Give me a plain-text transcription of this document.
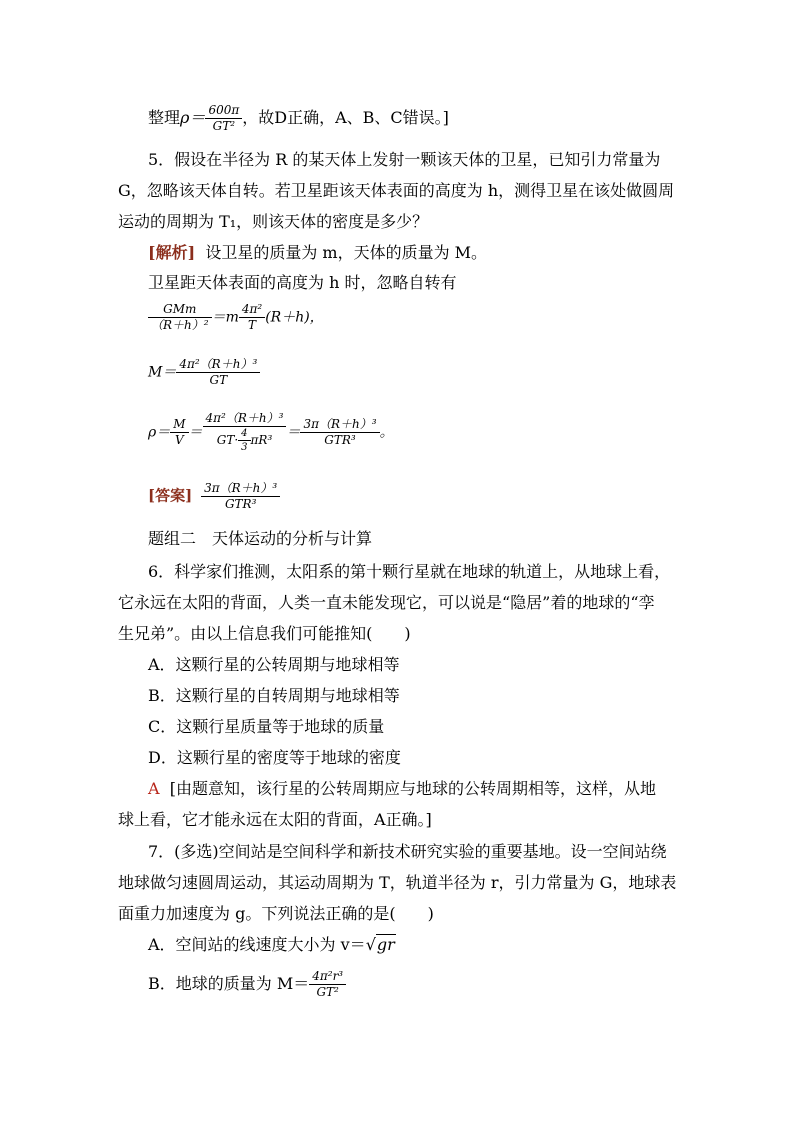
整理$\rho= \frac{600\pi}{\text{GT²}}$ ，故D正确，A、B、C错误。]
5．假设在半径为 R 的某天体上发射一颗该天体的卫星，已知引力常量为
G，忽略该天体自转。若卫星距该天体表面的高度为 h，测得卫星在该处做圆周
运动的周期为 T₁，则该天体的密度是多少？
[解析] 设卫星的质量为 m，天体的质量为 M。
卫星距天体表面的高度为 h 时，忽略自转有
$\frac{\text{GMm}}{\text{（R＋h）²}} =m \frac{\text{4π²}}{T} (R+h)$，
$M= \frac{\text{4π²（R＋h）³}}{GT}$
$\rho= \frac{M}{V} = \frac{\text{4π²（R＋h）³}}{GT\cdot \frac{4}{3} \pi R^3} = \frac{\text{3π（R＋h）³}}{\text{GTR³}}$ 。
[答案] $\frac{\text{3π（R＋h）³}}{\text{GTR³}}$
题组二　天体运动的分析与计算
6．科学家们推测，太阳系的第十颗行星就在地球的轨道上，从地球上看，
它永远在太阳的背面，人类一直未能发现它，可以说是“隐居”着的地球的“孪
生兄弟”。由以上信息我们可能推知(　　)
A．这颗行星的公转周期与地球相等
B．这颗行星的自转周期与地球相等
C．这颗行星质量等于地球的质量
D．这颗行星的密度等于地球的密度
A [由题意知，该行星的公转周期应与地球的公转周期相等，这样，从地
球上看，它才能永远在太阳的背面，A正确。]
7．(多选)空间站是空间科学和新技术研究实验的重要基地。设一空间站绕
地球做匀速圆周运动，其运动周期为 T，轨道半径为 r，引力常量为 G，地球表
面重力加速度为 g。下列说法正确的是(　　)
A．空间站的线速度大小为 v＝√gr
B．地球的质量为 $M= \frac{\text{4π²r³}}{\text{GT²}}$
